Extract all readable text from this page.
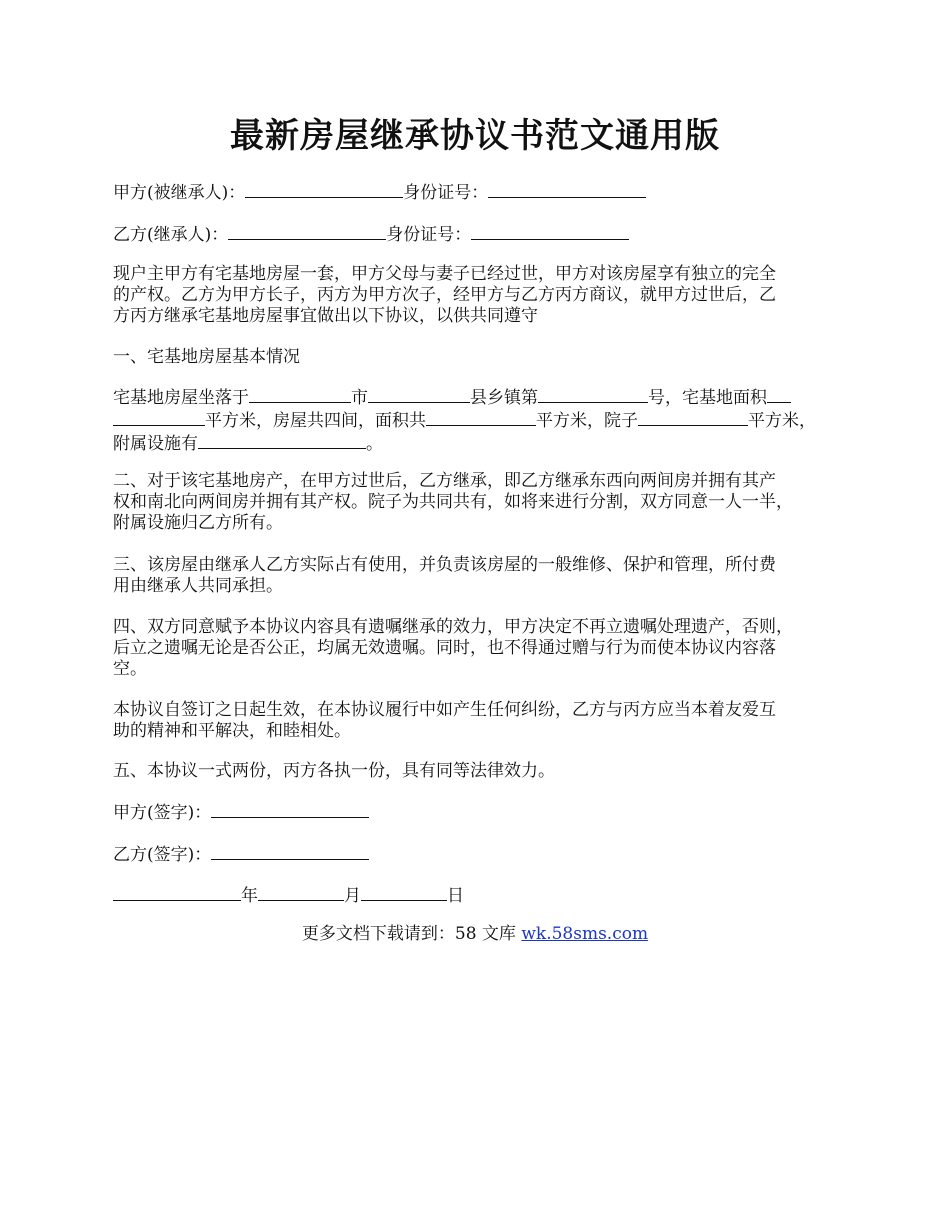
最新房屋继承协议书范文通用版

甲方(被继承人)：	身份证号：

乙方(继承人)：	身份证号：

现户主甲方有宅基地房屋一套，甲方父母与妻子已经过世，甲方对该房屋享有独立的完全
的产权。乙方为甲方长子，丙方为甲方次子，经甲方与乙方丙方商议，就甲方过世后，乙
方丙方继承宅基地房屋事宜做出以下协议，以供共同遵守

一、宅基地房屋基本情况

宅基地房屋坐落于	市	县乡镇第	号，宅基地面积
平方米，房屋共四间，面积共	平方米，院子	平方米，
附属设施有	。
二、对于该宅基地房产，在甲方过世后，乙方继承，即乙方继承东西向两间房并拥有其产
权和南北向两间房并拥有其产权。院子为共同共有，如将来进行分割，双方同意一人一半，
附属设施归乙方所有。
三、该房屋由继承人乙方实际占有使用，并负责该房屋的一般维修、保护和管理，所付费
用由继承人共同承担。
四、双方同意赋予本协议内容具有遗嘱继承的效力，甲方决定不再立遗嘱处理遗产，否则，
后立之遗嘱无论是否公正，均属无效遗嘱。同时，也不得通过赠与行为而使本协议内容落
空。
本协议自签订之日起生效，在本协议履行中如产生任何纠纷，乙方与丙方应当本着友爱互
助的精神和平解决，和睦相处。

五、本协议一式两份，丙方各执一份，具有同等法律效力。

甲方(签字)：

乙方(签字)：

年	月	日

更多文档下载请到：58 文库 wk.58sms.com
